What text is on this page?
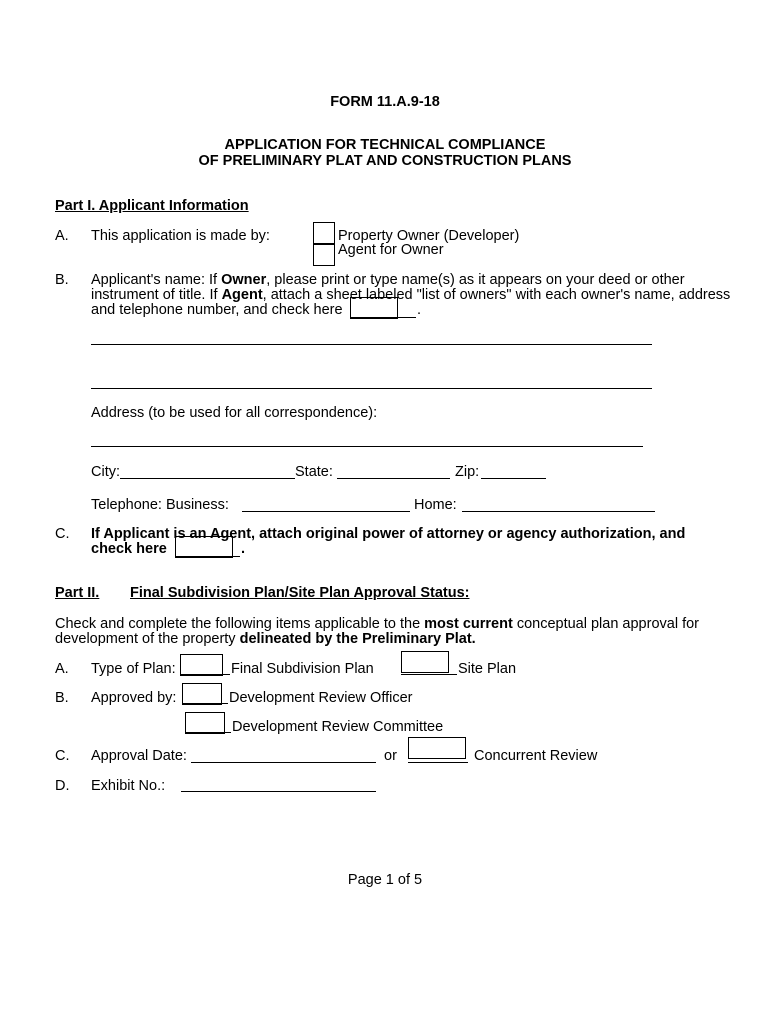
FORM 11.A.9-18
APPLICATION FOR TECHNICAL COMPLIANCE
OF PRELIMINARY PLAT AND CONSTRUCTION PLANS
Part I. Applicant Information
A. This application is made by:	Property Owner (Developer)
Agent for Owner
B. Applicant's name: If Owner, please print or type name(s) as it appears on your deed or other
instrument of title. If Agent, attach a sheet labeled "list of owners" with each owner's name, address
and telephone number, and check here	.
Address (to be used for all correspondence):
City:	State:	Zip:
Telephone: Business:	Home:
C. If Applicant is an Agent, attach original power of attorney or agency authorization, and
check here	.
Part II. Final Subdivision Plan/Site Plan Approval Status:
Check and complete the following items applicable to the most current conceptual plan approval for
development of the property delineated by the Preliminary Plat.
A. Type of Plan:	Final Subdivision Plan	Site Plan
B. Approved by:	Development Review Officer
Development Review Committee
C. Approval Date:	or	Concurrent Review
D. Exhibit No.:
Page 1 of 5
